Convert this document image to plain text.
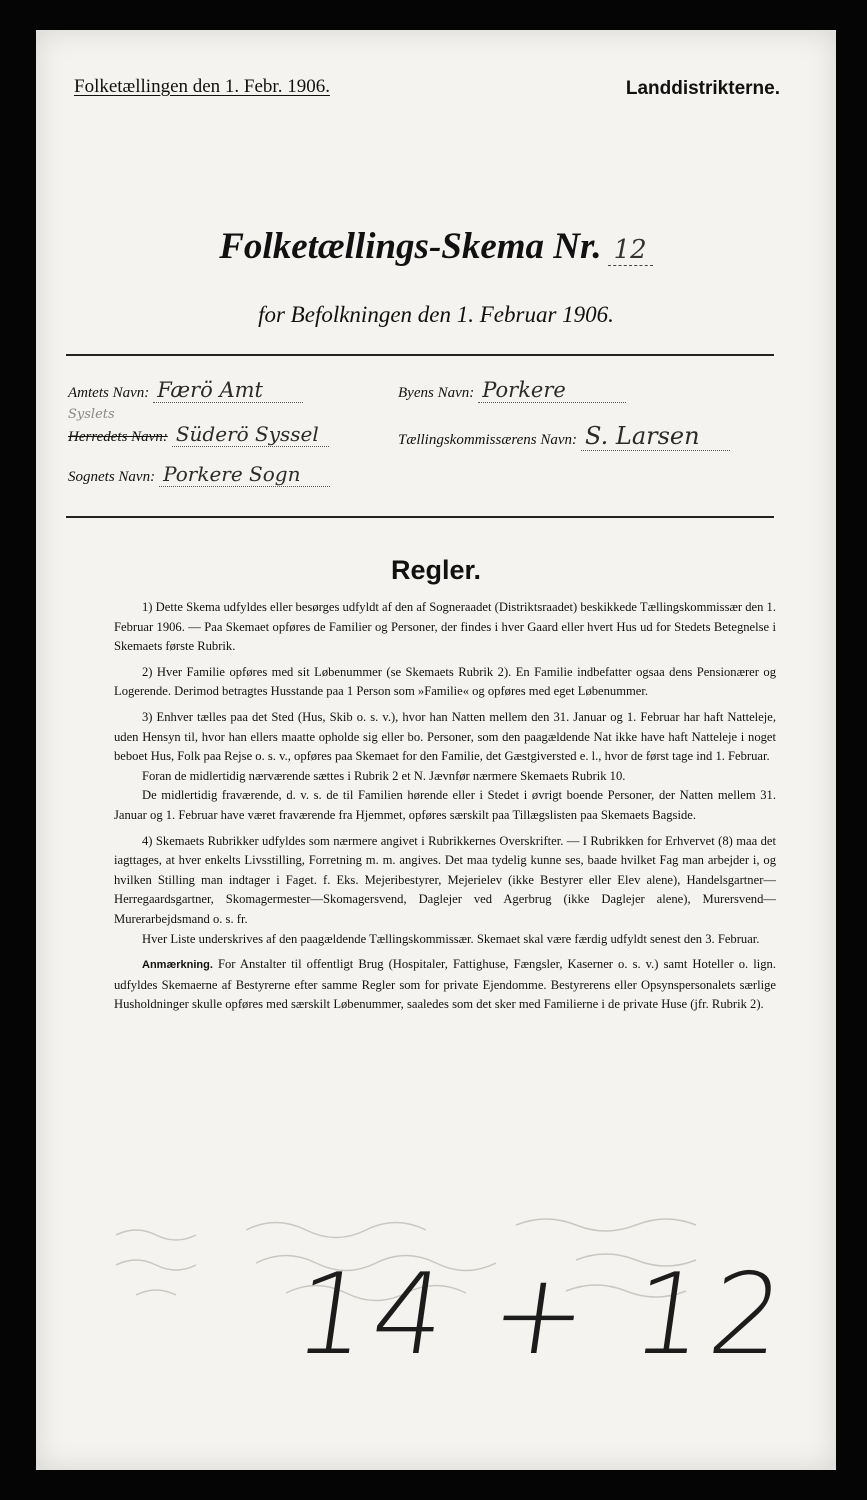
Folketællingen den 1. Febr. 1906.	Landdistrikterne.
Folketællings-Skema Nr. 12
for Befolkningen den 1. Februar 1906.
Amtets Navn: Færö Amt	Byens Navn: Porkere
Syslets
Herredets Navn: Süderö Syssel	Tællingskommissærens Navn: S. Larsen
Sognets Navn: Porkere Sogn
Regler.

1) Dette Skema udfyldes eller besørges udfyldt af den af Sogneraadet (Distriktsraadet) beskikkede Tællingskommissær den 1. Februar 1906. — Paa Skemaet opføres de Familier og Personer, der findes i hver Gaard eller hvert Hus ud for Stedets Betegnelse i Skemaets første Rubrik.

2) Hver Familie opføres med sit Løbenummer (se Skemaets Rubrik 2). En Familie indbefatter ogsaa dens Pensionærer og Logerende. Derimod betragtes Husstande paa 1 Person som »Familie« og opføres med eget Løbenummer.

3) Enhver tælles paa det Sted (Hus, Skib o. s. v.), hvor han Natten mellem den 31. Januar og 1. Februar har haft Natteleje, uden Hensyn til, hvor han ellers maatte opholde sig eller bo. Personer, som den paagældende Nat ikke have haft Natteleje i noget beboet Hus, Folk paa Rejse o. s. v., opføres paa Skemaet for den Familie, det Gæstgiversted e. l., hvor de først tage ind 1. Februar.

Foran de midlertidig nærværende sættes i Rubrik 2 et N. Jævnfør nærmere Skemaets Rubrik 10.

De midlertidig fraværende, d. v. s. de til Familien hørende eller i Stedet i øvrigt boende Personer, der Natten mellem 31. Januar og 1. Februar have været fraværende fra Hjemmet, opføres særskilt paa Tillægslisten paa Skemaets Bagside.

4) Skemaets Rubrikker udfyldes som nærmere angivet i Rubrikkernes Overskrifter. — I Rubrikken for Erhvervet (8) maa det iagttages, at hver enkelts Livsstilling, Forretning m. m. angives. Det maa tydelig kunne ses, baade hvilket Fag man arbejder i, og hvilken Stilling man indtager i Faget. f. Eks. Mejeribestyrer, Mejerielev (ikke Bestyrer eller Elev alene), Handelsgartner—Herregaardsgartner, Skomagermester—Skomagersvend, Daglejer ved Agerbrug (ikke Daglejer alene), Murersvend—Murerarbejdsmand o. s. fr.

Hver Liste underskrives af den paagældende Tællingskommissær. Skemaet skal være færdig udfyldt senest den 3. Februar.

Anmærkning. For Anstalter til offentligt Brug (Hospitaler, Fattighuse, Fængsler, Kaserner o. s. v.) samt Hoteller o. lign. udfyldes Skemaerne af Bestyrerne efter samme Regler som for private Ejendomme. Bestyrerens eller Opsynspersonalets særlige Husholdninger skulle opføres med særskilt Løbenummer, saaledes som det sker med Familierne i de private Huse (jfr. Rubrik 2).

14 + 12
